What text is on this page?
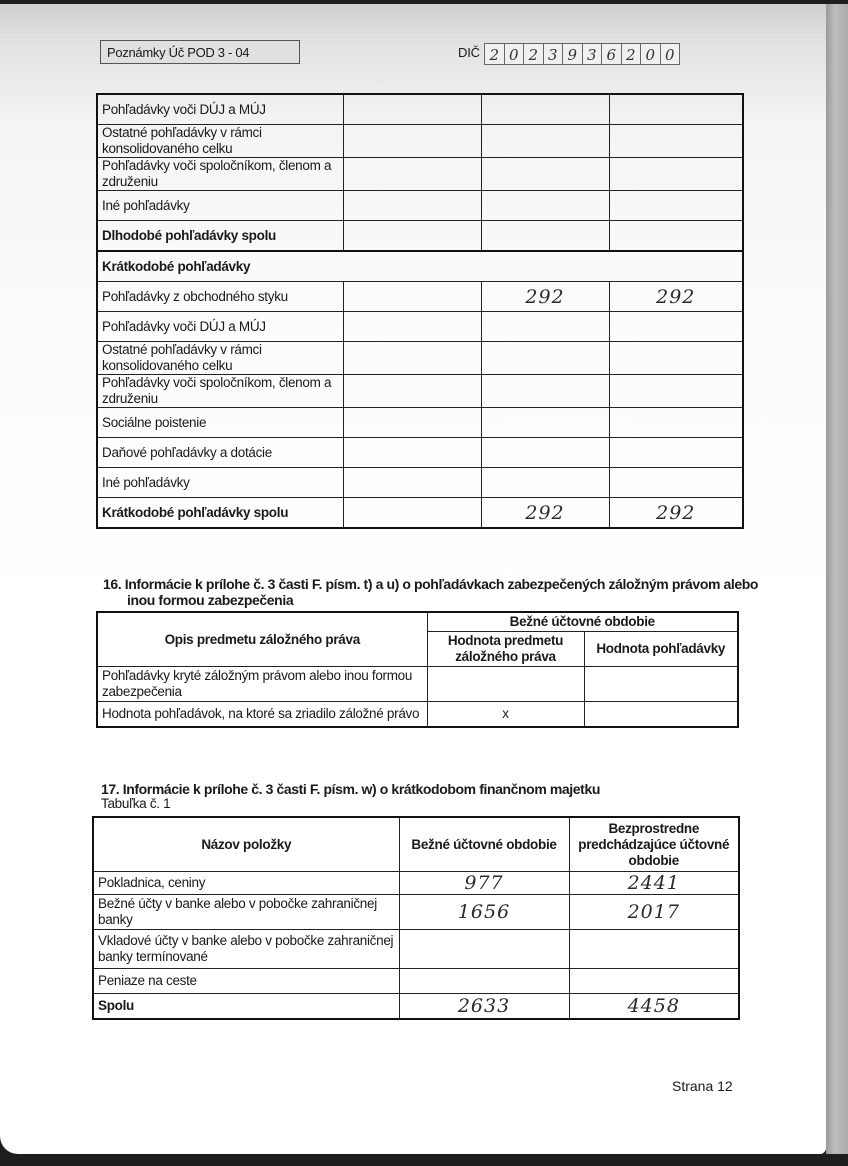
Poznámky Úč POD 3 - 04	DIČ 2 0 2 3 9 3 6 2 0 0
Pohľadávky voči DÚJ a MÚJ			
Ostatné pohľadávky v rámci konsolidovaného celku			
Pohľadávky voči spoločníkom, členom a združeniu			
Iné pohľadávky			
Dlhodobé pohľadávky spolu			
Krátkodobé pohľadávky			
Pohľadávky z obchodného styku		292	292
Pohľadávky voči DÚJ a MÚJ			
Ostatné pohľadávky v rámci konsolidovaného celku			
Pohľadávky voči spoločníkom, členom a združeniu			
Sociálne poistenie			
Daňové pohľadávky a dotácie			
Iné pohľadávky			
Krátkodobé pohľadávky spolu		292	292
16. Informácie k prílohe č. 3 časti F. písm. t) a u) o pohľadávkach zabezpečených záložným právom alebo
inou formou zabezpečenia
Opis predmetu záložného práva	Bežné účtovné obdobie	
	Hodnota predmetu záložného práva	Hodnota pohľadávky
Pohľadávky kryté záložným právom alebo inou formou zabezpečenia		
Hodnota pohľadávok, na ktoré sa zriadilo záložné právo	x	
17. Informácie k prílohe č. 3 časti F. písm. w) o krátkodobom finančnom majetku
Tabuľka č. 1
Názov položky	Bežné účtovné obdobie	Bezprostredne predchádzajúce účtovné obdobie
Pokladnica, ceniny	977	2441
Bežné účty v banke alebo v pobočke zahraničnej banky	1656	2017
Vkladové účty v banke alebo v pobočke zahraničnej banky termínované		
Peniaze na ceste		
Spolu	2633	4458
Strana 12
